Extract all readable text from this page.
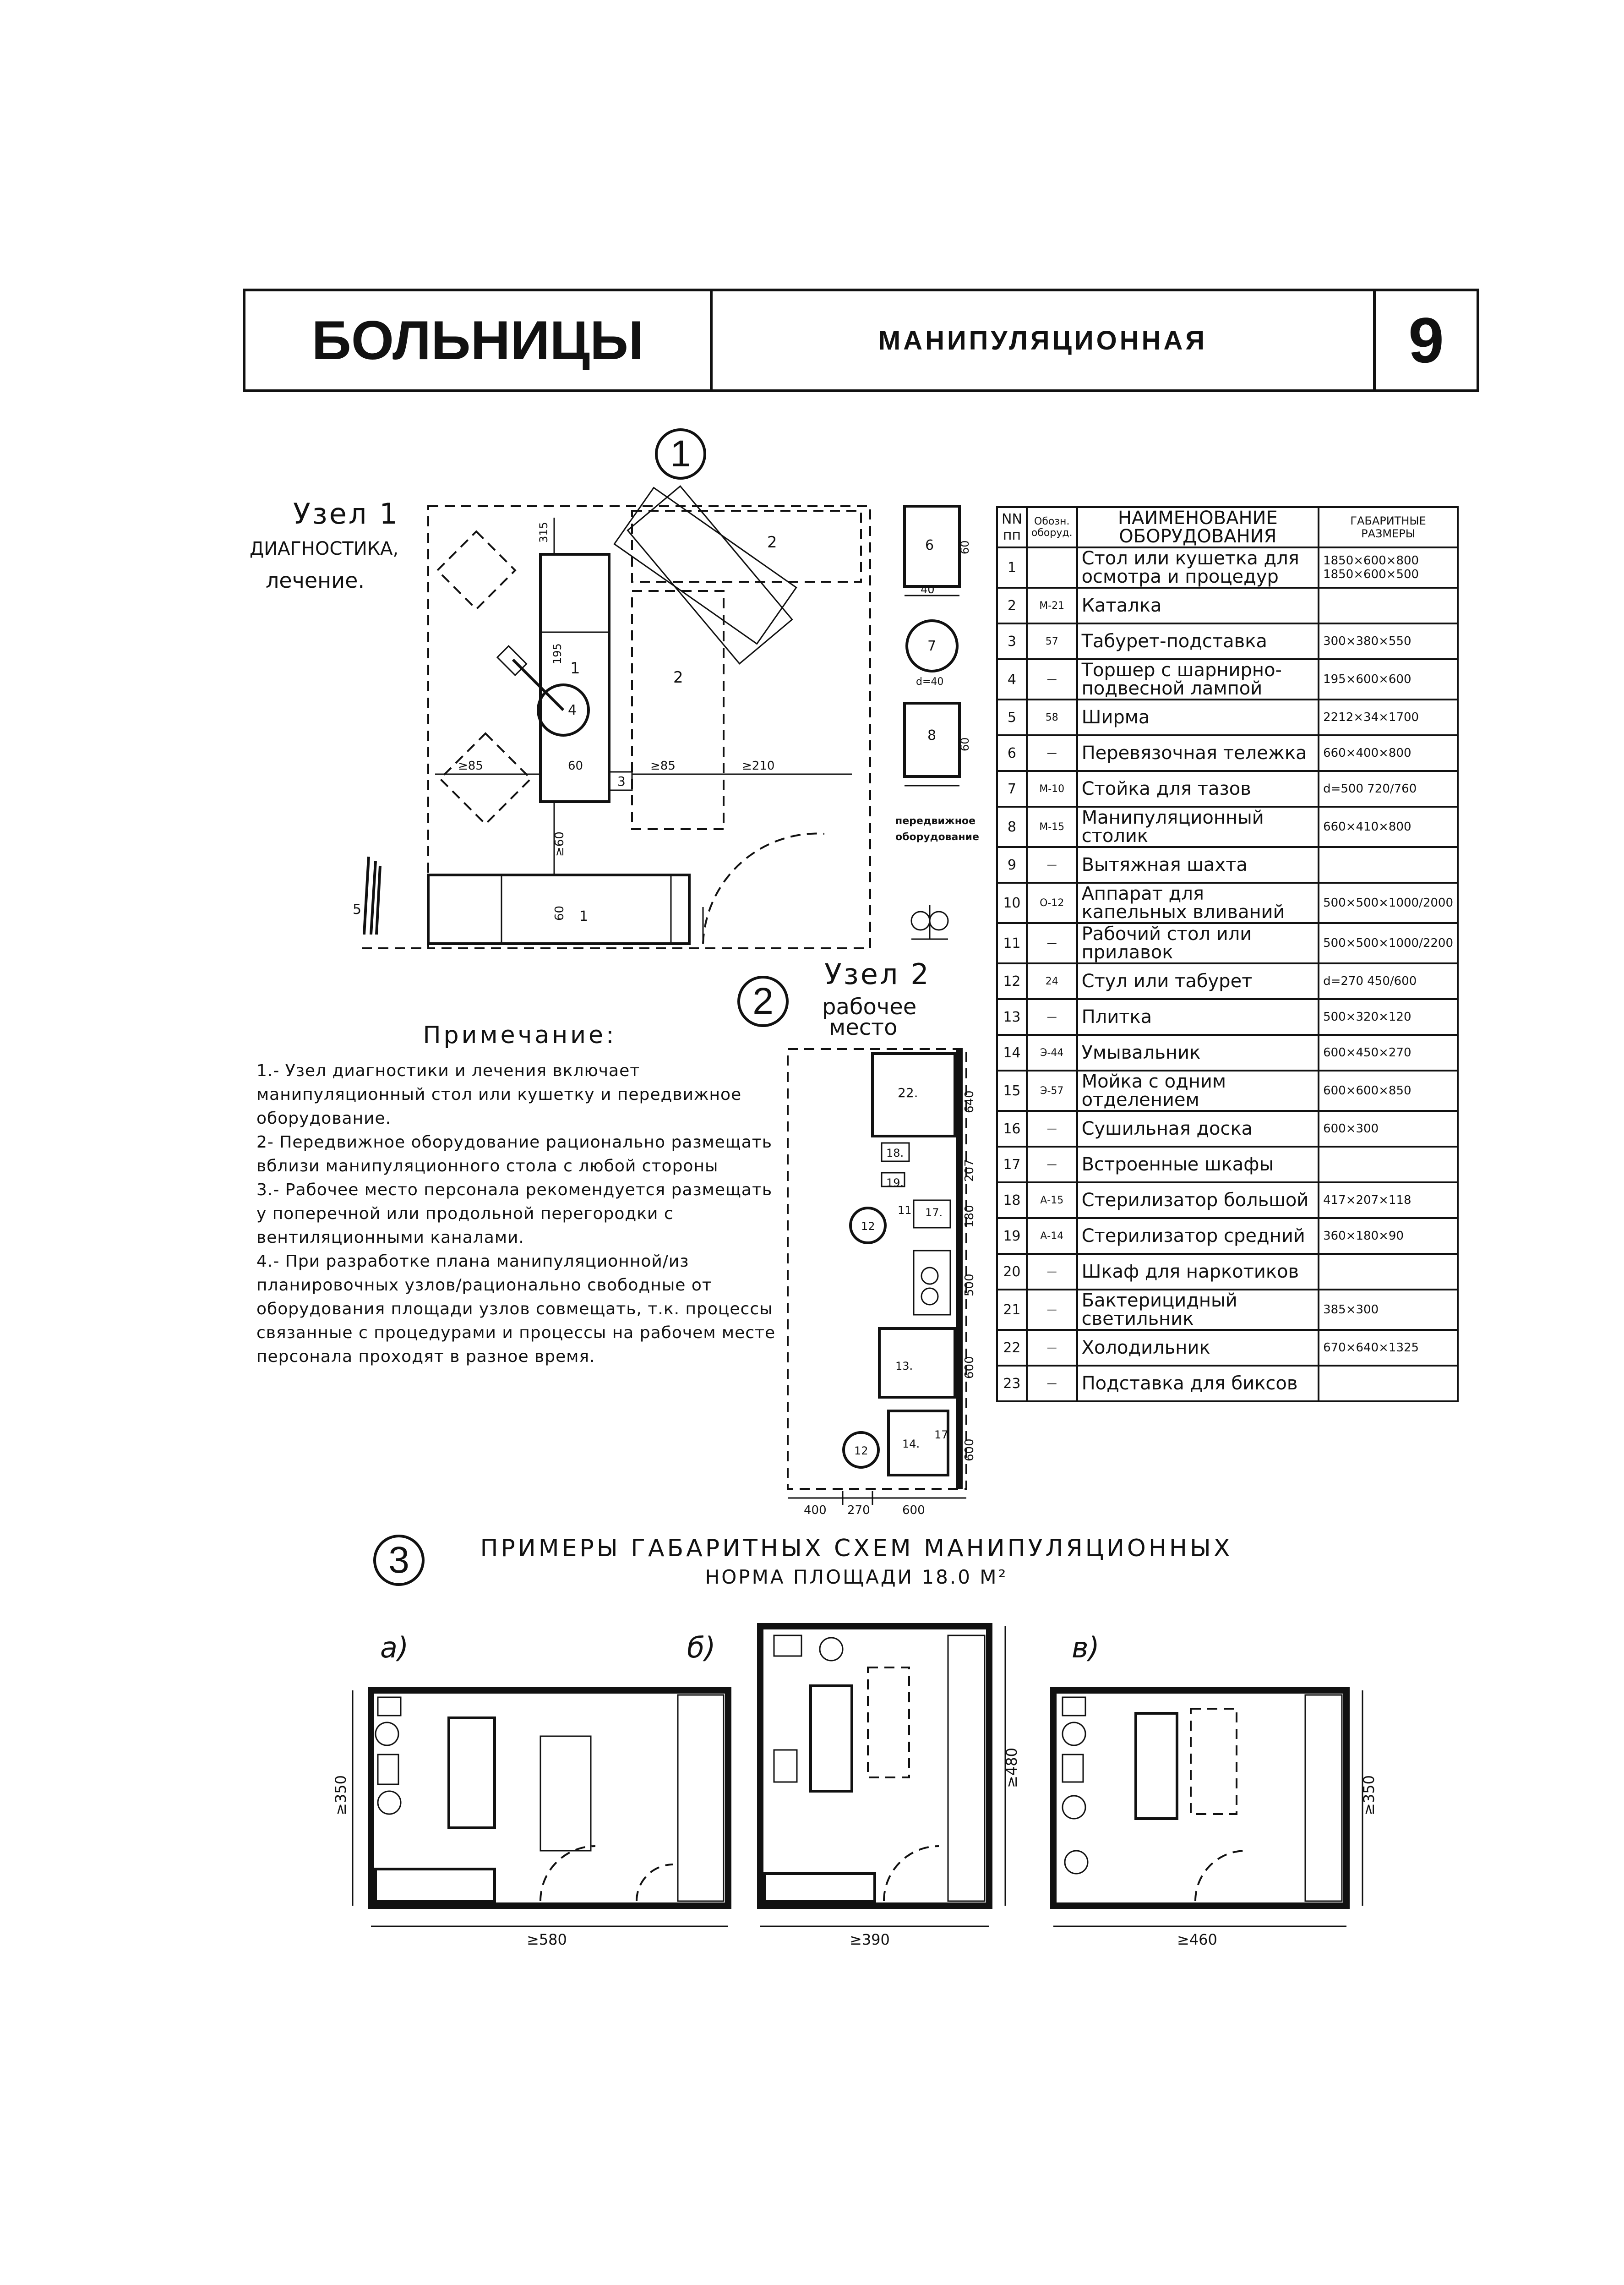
БОЛЬНИЦЫ	МАНИПУЛЯЦИОННАЯ	9
1
Узел 1
ДИАГНОСТИКА,
лечение.
1
2
2
3
4
5
6
7
8
1
315
195
≥85	60	≥85	≥210
≥60
60
40
60
d=40
60
передвижное
оборудование
2
Узел 2
рабочее
место
22.
18.
19.
11. 17.
12
13.
14.
17
12
640
207
180
500
600
600
400 270	600
NN пп	Обозн. оборуд.	НАИМЕНОВАНИЕ ОБОРУДОВАНИЯ	ГАБАРИТНЫЕ РАЗМЕРЫ
1		Стол или кушетка для осмотра и процедур	1850×600×800 1850×600×500
2	М-21	Каталка	
3	57	Табурет-подставка	300×380×550
4	—	Торшер с шарнирно-подвесной лампой	195×600×600
5	58	Ширма	2212×34×1700
6	—	Перевязочная тележка	660×400×800
7	М-10	Стойка для тазов	d=500 720/760
8	М-15	Манипуляционный столик	660×410×800
9	—	Вытяжная шахта	
10	О-12	Аппарат для капельных вливаний	500×500×1000/2000
11	—	Рабочий стол или прилавок	500×500×1000/2200
12	24	Стул или табурет	d=270 450/600
13	—	Плитка	500×320×120
14	Э-44	Умывальник	600×450×270
15	Э-57	Мойка с одним отделением	600×600×850
16	—	Сушильная доска	600×300
17	—	Встроенные шкафы	
18	А-15	Стерилизатор большой	417×207×118
19	А-14	Стерилизатор средний	360×180×90
20	—	Шкаф для наркотиков	
21	—	Бактерицидный светильник	385×300
22	—	Холодильник	670×640×1325
23	—	Подставка для биксов	
Примечание:
1.- Узел диагностики и лечения включает манипуляционный стол или кушетку и передвижное оборудование.
2- Передвижное оборудование рационально размещать вблизи манипуляционного стола с любой стороны
3.- Рабочее место персонала рекомендуется размещать у поперечной или продольной перегородки с вентиляционными каналами.
4.- При разработке плана манипуляционной/из планировочных узлов/рационально свободные от оборудования площади узлов совмещать, т.к. процессы связанные с процедурами и процессы на рабочем месте персонала проходят в разное время.
3	ПРИМЕРЫ ГАБАРИТНЫХ СХЕМ МАНИПУЛЯЦИОННЫХ
НОРМА ПЛОЩАДИ 18.0 М²
а)	б)	в)
≥580	≥390	≥460
≥350
≥480
≥350
